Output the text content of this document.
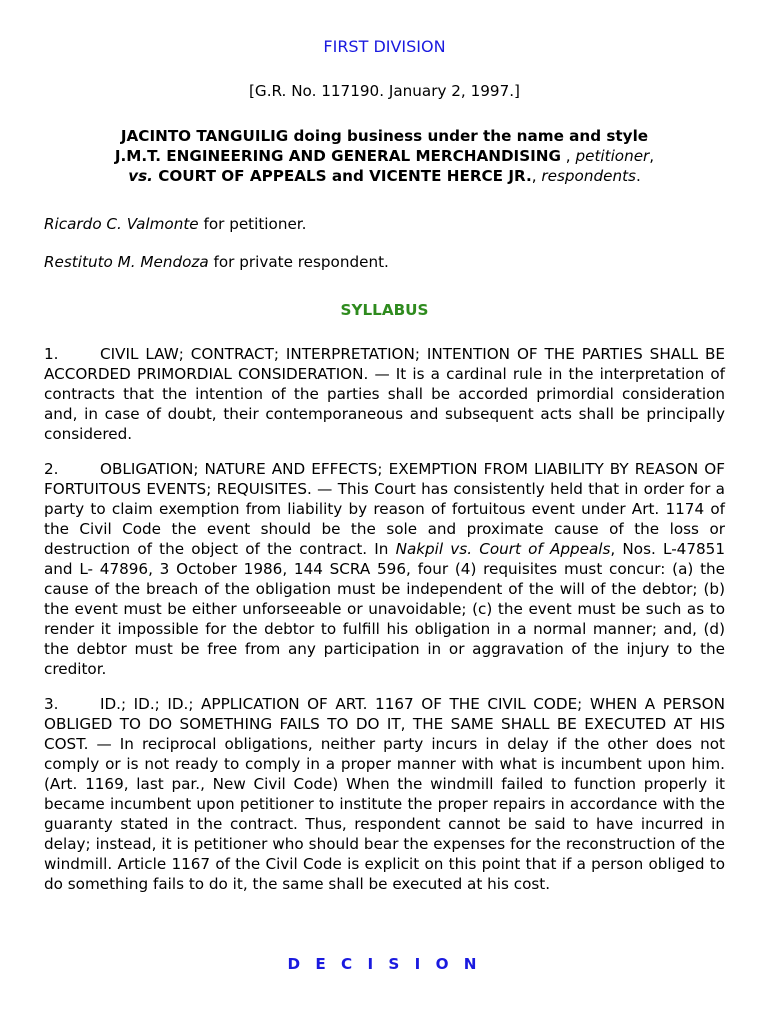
FIRST DIVISION
[G.R. No. 117190. January 2, 1997.]
JACINTO TANGUILIG doing business under the name and style
J.M.T. ENGINEERING AND GENERAL MERCHANDISING , petitioner,
vs. COURT OF APPEALS and VICENTE HERCE JR., respondents.
Ricardo C. Valmonte for petitioner.
Restituto M. Mendoza for private respondent.
SYLLABUS
1.	CIVIL LAW; CONTRACT; INTERPRETATION; INTENTION OF THE PARTIES SHALL BE ACCORDED PRIMORDIAL CONSIDERATION. — It is a cardinal rule in the interpretation of contracts that the intention of the parties shall be accorded primordial consideration and, in case of doubt, their contemporaneous and subsequent acts shall be principally considered.
2.	OBLIGATION; NATURE AND EFFECTS; EXEMPTION FROM LIABILITY BY REASON OF FORTUITOUS EVENTS; REQUISITES. — This Court has consistently held that in order for a party to claim exemption from liability by reason of fortuitous event under Art. 1174 of the Civil Code the event should be the sole and proximate cause of the loss or destruction of the object of the contract. In Nakpil vs. Court of Appeals, Nos. L-47851 and L- 47896, 3 October 1986, 144 SCRA 596, four (4) requisites must concur: (a) the cause of the breach of the obligation must be independent of the will of the debtor; (b) the event must be either unforseeable or unavoidable; (c) the event must be such as to render it impossible for the debtor to fulfill his obligation in a normal manner; and, (d) the debtor must be free from any participation in or aggravation of the injury to the creditor.
3.	ID.; ID.; ID.; APPLICATION OF ART. 1167 OF THE CIVIL CODE; WHEN A PERSON OBLIGED TO DO SOMETHING FAILS TO DO IT, THE SAME SHALL BE EXECUTED AT HIS COST. — In reciprocal obligations, neither party incurs in delay if the other does not comply or is not ready to comply in a proper manner with what is incumbent upon him. (Art. 1169, last par., New Civil Code) When the windmill failed to function properly it became incumbent upon petitioner to institute the proper repairs in accordance with the guaranty stated in the contract. Thus, respondent cannot be said to have incurred in delay; instead, it is petitioner who should bear the expenses for the reconstruction of the windmill. Article 1167 of the Civil Code is explicit on this point that if a person obliged to do something fails to do it, the same shall be executed at his cost.
D E C I S I O N
